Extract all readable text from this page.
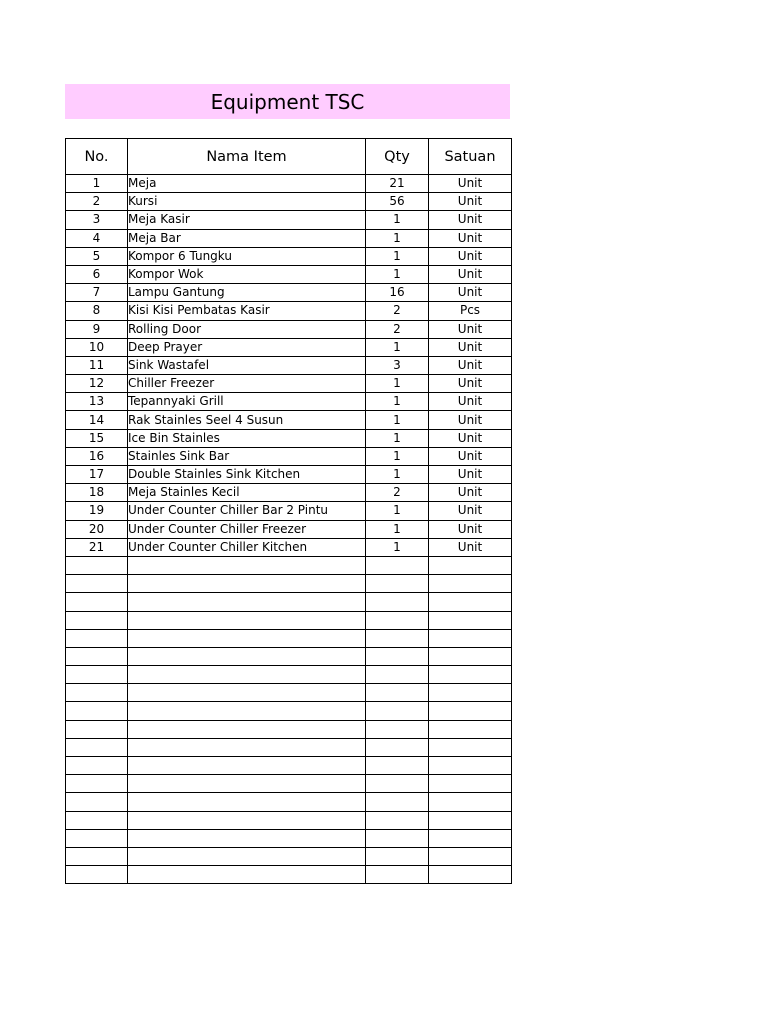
Equipment TSC
No.	Nama Item	Qty	Satuan
1	Meja	21	Unit
2	Kursi	56	Unit
3	Meja Kasir	1	Unit
4	Meja Bar	1	Unit
5	Kompor 6 Tungku	1	Unit
6	Kompor Wok	1	Unit
7	Lampu Gantung	16	Unit
8	Kisi Kisi Pembatas Kasir	2	Pcs
9	Rolling Door	2	Unit
10	Deep Prayer	1	Unit
11	Sink Wastafel	3	Unit
12	Chiller Freezer	1	Unit
13	Tepannyaki Grill	1	Unit
14	Rak Stainles Seel 4 Susun	1	Unit
15	Ice Bin Stainles	1	Unit
16	Stainles Sink Bar	1	Unit
17	Double Stainles Sink Kitchen	1	Unit
18	Meja Stainles Kecil	2	Unit
19	Under Counter Chiller Bar 2 Pintu	1	Unit
20	Under Counter Chiller Freezer	1	Unit
21	Under Counter Chiller Kitchen	1	Unit
